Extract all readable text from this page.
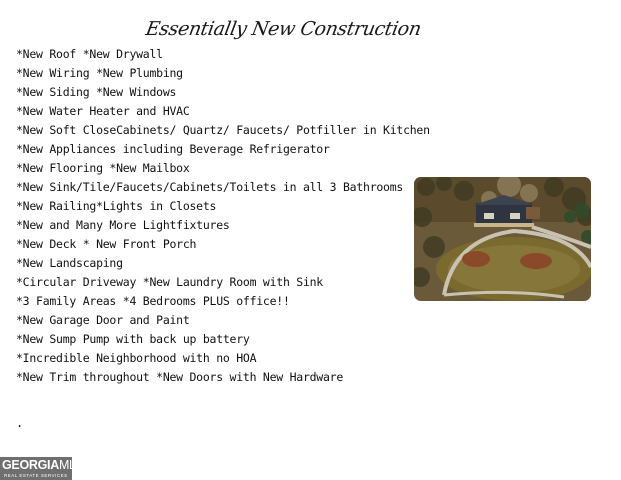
Essentially New Construction
*New Roof *New Drywall
*New Wiring *New Plumbing
*New Siding *New Windows
*New Water Heater and HVAC
*New Soft CloseCabinets/ Quartz/ Faucets/ Potfiller in Kitchen
*New Appliances including Beverage Refrigerator
*New Flooring *New Mailbox
*New Sink/Tile/Faucets/Cabinets/Toilets in all 3 Bathrooms
*New Railing*Lights in Closets
*New and Many More Lightfixtures
*New Deck * New Front Porch
*New Landscaping
*Circular Driveway *New Laundry Room with Sink
*3 Family Areas *4 Bedrooms PLUS office!!
*New Garage Door and Paint
*New Sump Pump with back up battery
*Incredible Neighborhood with no HOA
*New Trim throughout *New Doors with New Hardware
.
GEORGIAMLS
REAL ESTATE SERVICES
